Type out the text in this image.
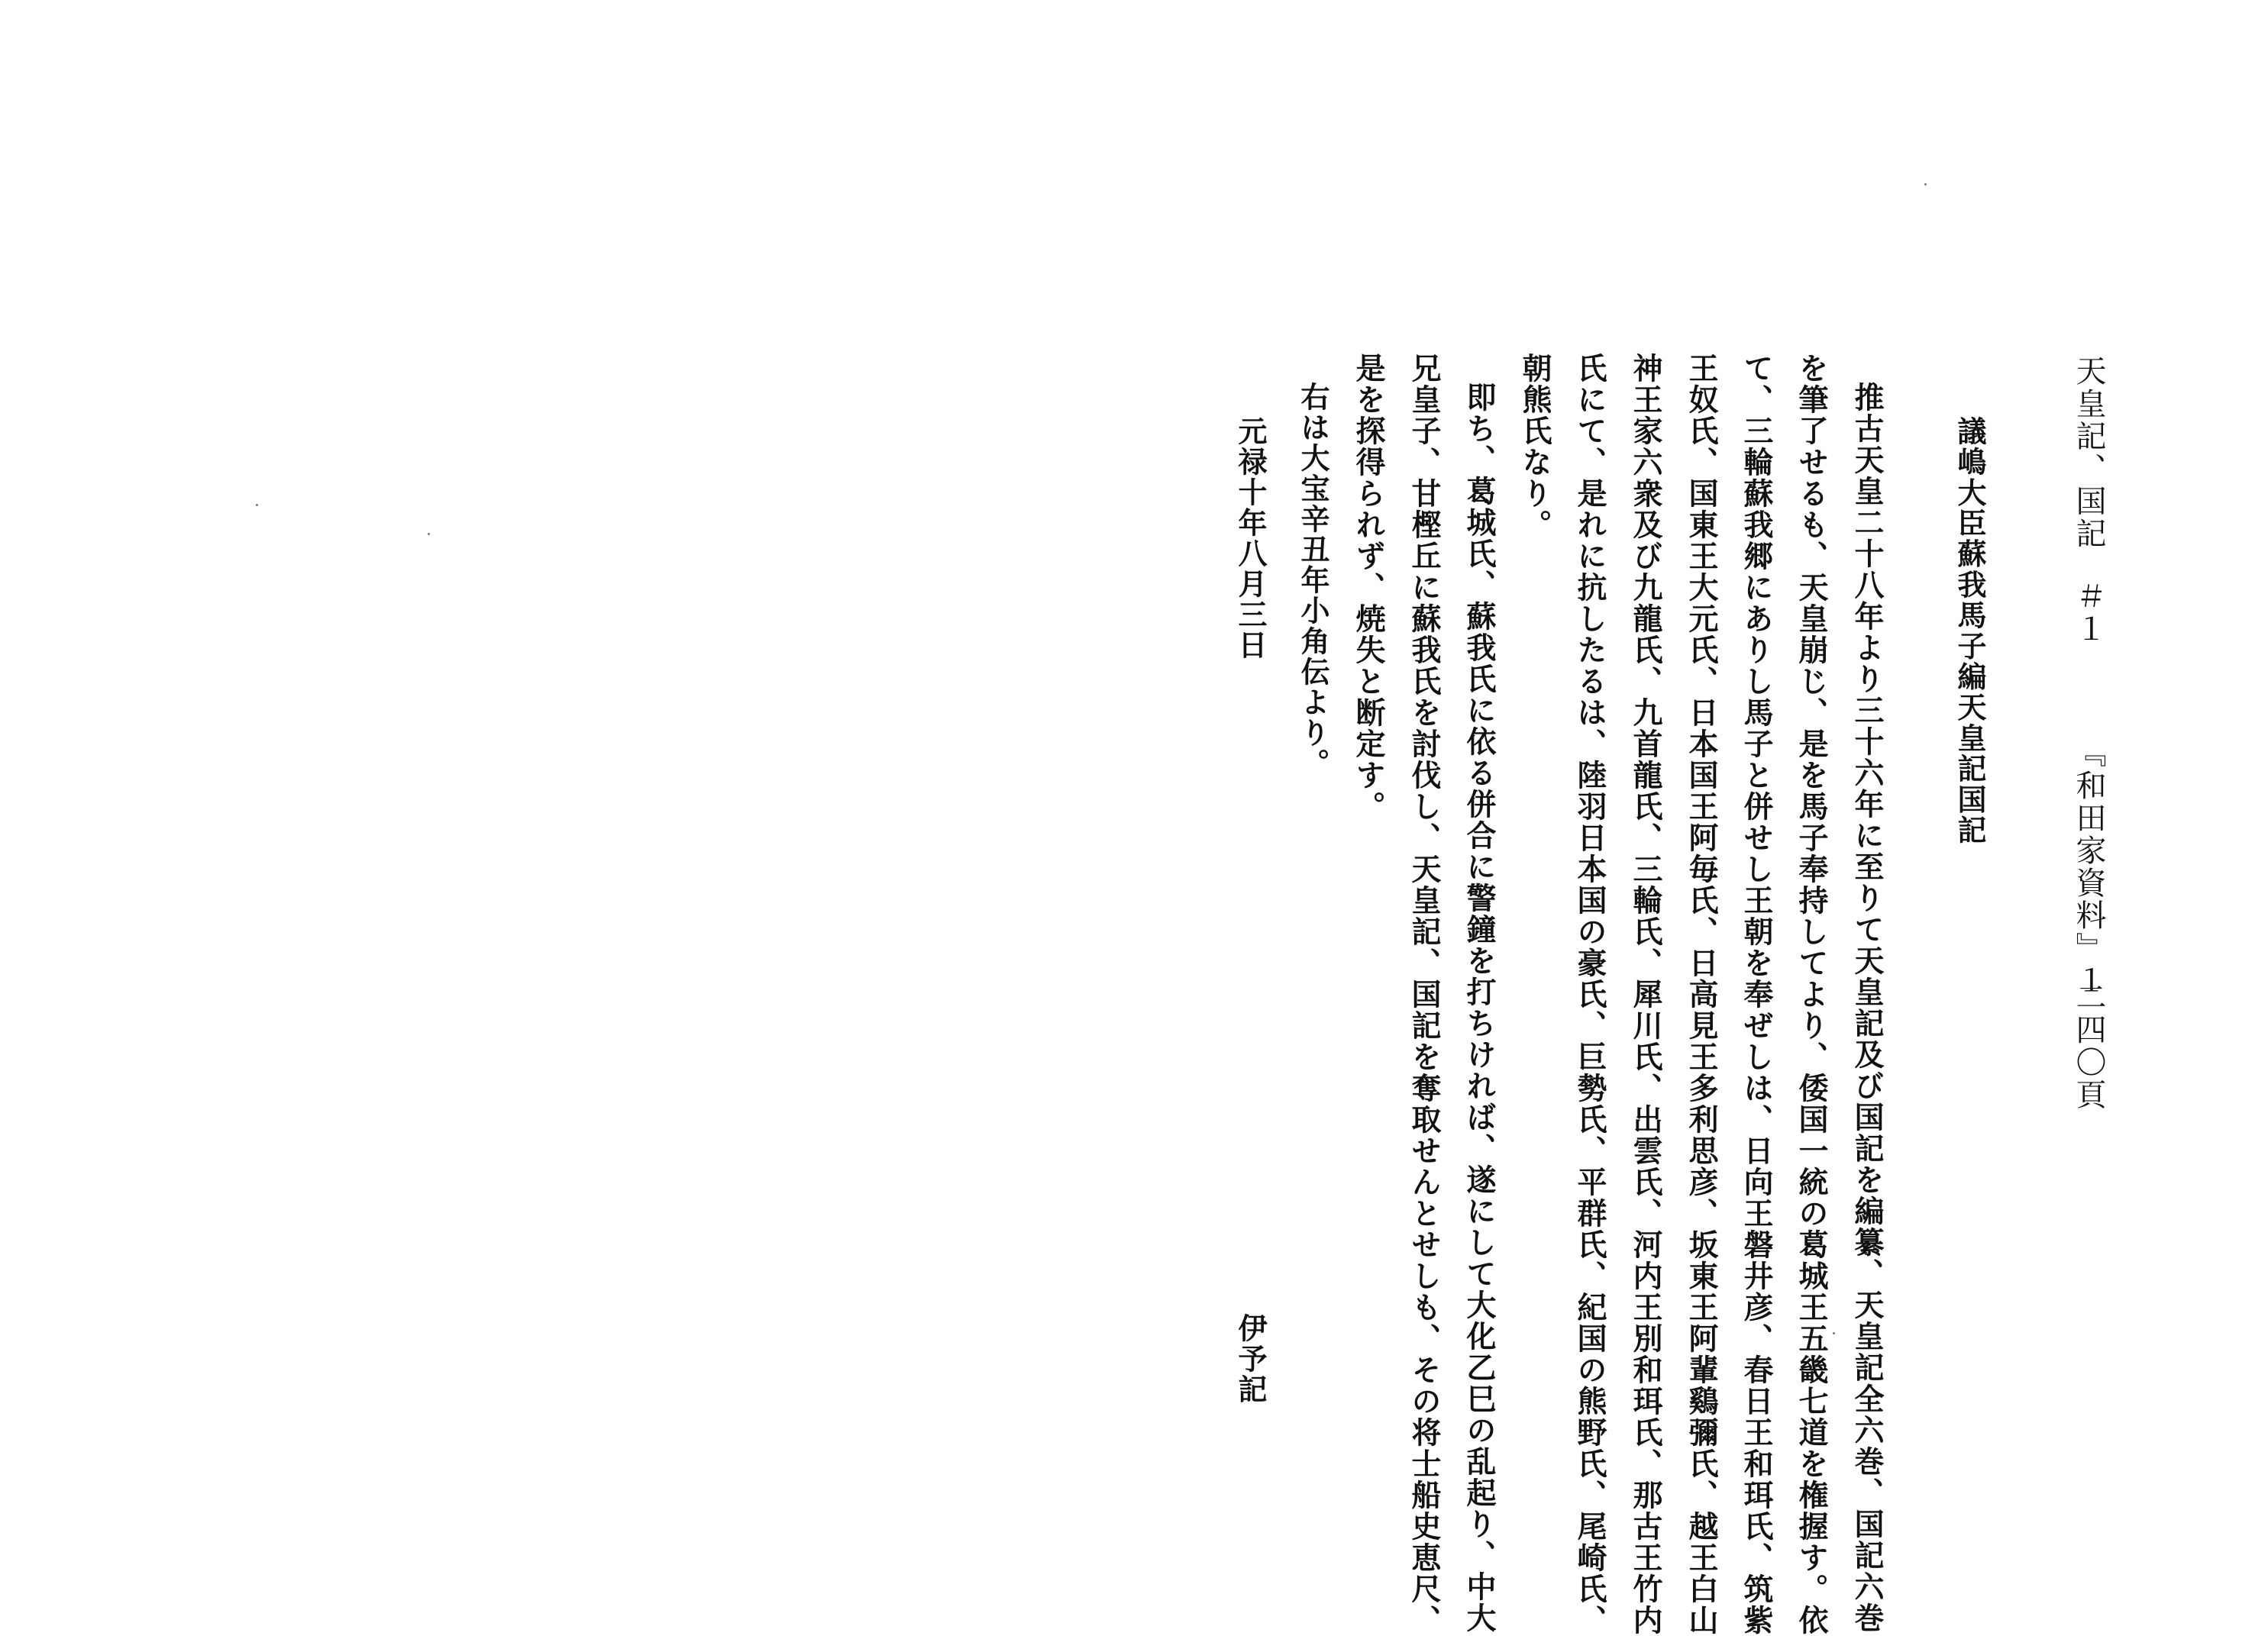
天皇記、国記
＃１
『和田家資料』１
二四〇頁
議嶋大臣蘇我馬子編天皇記国記
推古天皇二十八年より三十六年に至りて天皇記及び国記を編纂、天皇記全六巻、国記六巻
を筆了せるも、天皇崩じ、是を馬子奉持してより、倭国一統の葛城王五畿七道を権握す。依
て、三輪蘇我郷にありし馬子と併せし王朝を奉ぜしは、日向王磐井彦、春日王和珥氏、筑紫
王奴氏、国東王大元氏、日本国王阿毎氏、日高見王多利思彦、坂東王阿輩鷄彌氏、越王白山
神王家六衆及び九龍氏、九首龍氏、三輪氏、犀川氏、出雲氏、河内王別和珥氏、那古王竹内
氏にて、是れに抗したるは、陸羽日本国の豪氏、巨勢氏、平群氏、紀国の熊野氏、尾崎氏、
朝熊氏なり。
即ち、葛城氏、蘇我氏に依る併合に警鐘を打ちければ、遂にして大化乙巳の乱起り、中大
兄皇子、甘樫丘に蘇我氏を討伐し、天皇記、国記を奪取せんとせしも、その将士船史恵尺、
是を探得られず、焼失と断定す。
右は大宝辛丑年小角伝より。
伊予記
元禄十年八月三日
